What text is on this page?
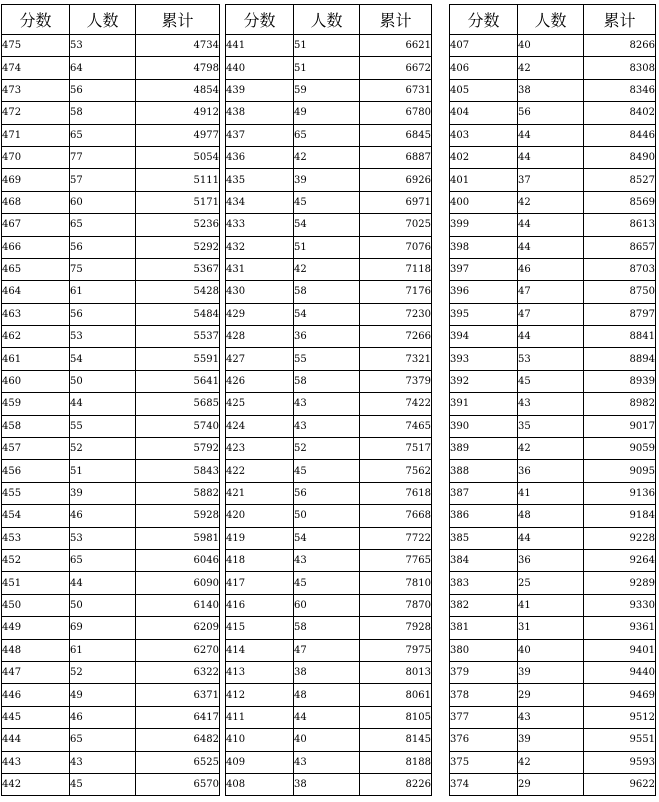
分数	人数	累计
475	53	4734
474	64	4798
473	56	4854
472	58	4912
471	65	4977
470	77	5054
469	57	5111
468	60	5171
467	65	5236
466	56	5292
465	75	5367
464	61	5428
463	56	5484
462	53	5537
461	54	5591
460	50	5641
459	44	5685
458	55	5740
457	52	5792
456	51	5843
455	39	5882
454	46	5928
453	53	5981
452	65	6046
451	44	6090
450	50	6140
449	69	6209
448	61	6270
447	52	6322
446	49	6371
445	46	6417
444	65	6482
443	43	6525
442	45	6570
分数	人数	累计
441	51	6621
440	51	6672
439	59	6731
438	49	6780
437	65	6845
436	42	6887
435	39	6926
434	45	6971
433	54	7025
432	51	7076
431	42	7118
430	58	7176
429	54	7230
428	36	7266
427	55	7321
426	58	7379
425	43	7422
424	43	7465
423	52	7517
422	45	7562
421	56	7618
420	50	7668
419	54	7722
418	43	7765
417	45	7810
416	60	7870
415	58	7928
414	47	7975
413	38	8013
412	48	8061
411	44	8105
410	40	8145
409	43	8188
408	38	8226
分数	人数	累计
407	40	8266
406	42	8308
405	38	8346
404	56	8402
403	44	8446
402	44	8490
401	37	8527
400	42	8569
399	44	8613
398	44	8657
397	46	8703
396	47	8750
395	47	8797
394	44	8841
393	53	8894
392	45	8939
391	43	8982
390	35	9017
389	42	9059
388	36	9095
387	41	9136
386	48	9184
385	44	9228
384	36	9264
383	25	9289
382	41	9330
381	31	9361
380	40	9401
379	39	9440
378	29	9469
377	43	9512
376	39	9551
375	42	9593
374	29	9622
